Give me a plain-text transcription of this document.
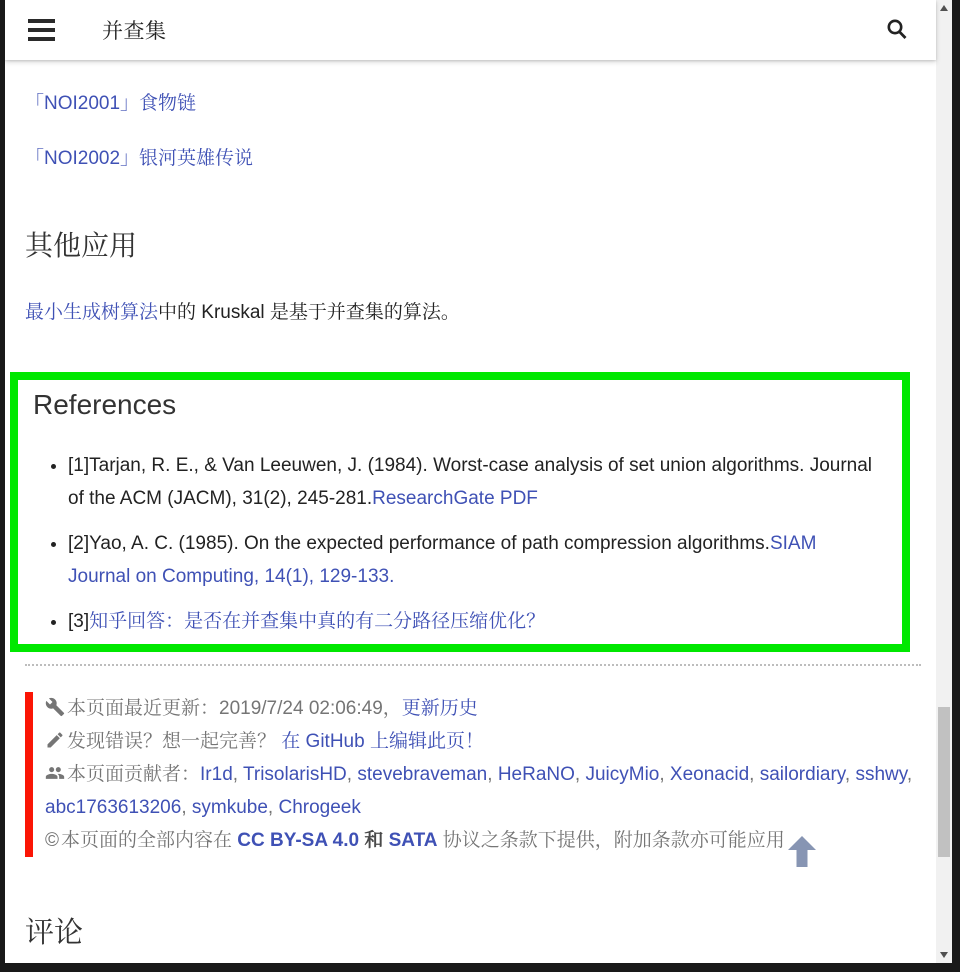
并查集

「NOI2001」食物链

「NOI2002」银河英雄传说

其他应用

最小生成树算法中的 Kruskal 是基于并查集的算法。

References
• [1]Tarjan, R. E., & Van Leeuwen, J. (1984). Worst-case analysis of set union algorithms. Journal of the ACM (JACM), 31(2), 245-281.ResearchGate PDF
• [2]Yao, A. C. (1985). On the expected performance of path compression algorithms.SIAM Journal on Computing, 14(1), 129-133.
• [3]知乎回答：是否在并查集中真的有二分路径压缩优化？
本页面最近更新：2019/7/24 02:06:49，更新历史
发现错误？想一起完善？ 在 GitHub 上编辑此页！
本页面贡献者：Ir1d, TrisolarisHD, stevebraveman, HeRaNO, JuicyMio, Xeonacid, sailordiary, sshwy, abc1763613206, symkube, Chrogeek
© 本页面的全部内容在 CC BY-SA 4.0 和 SATA 协议之条款下提供，附加条款亦可能应用
评论
